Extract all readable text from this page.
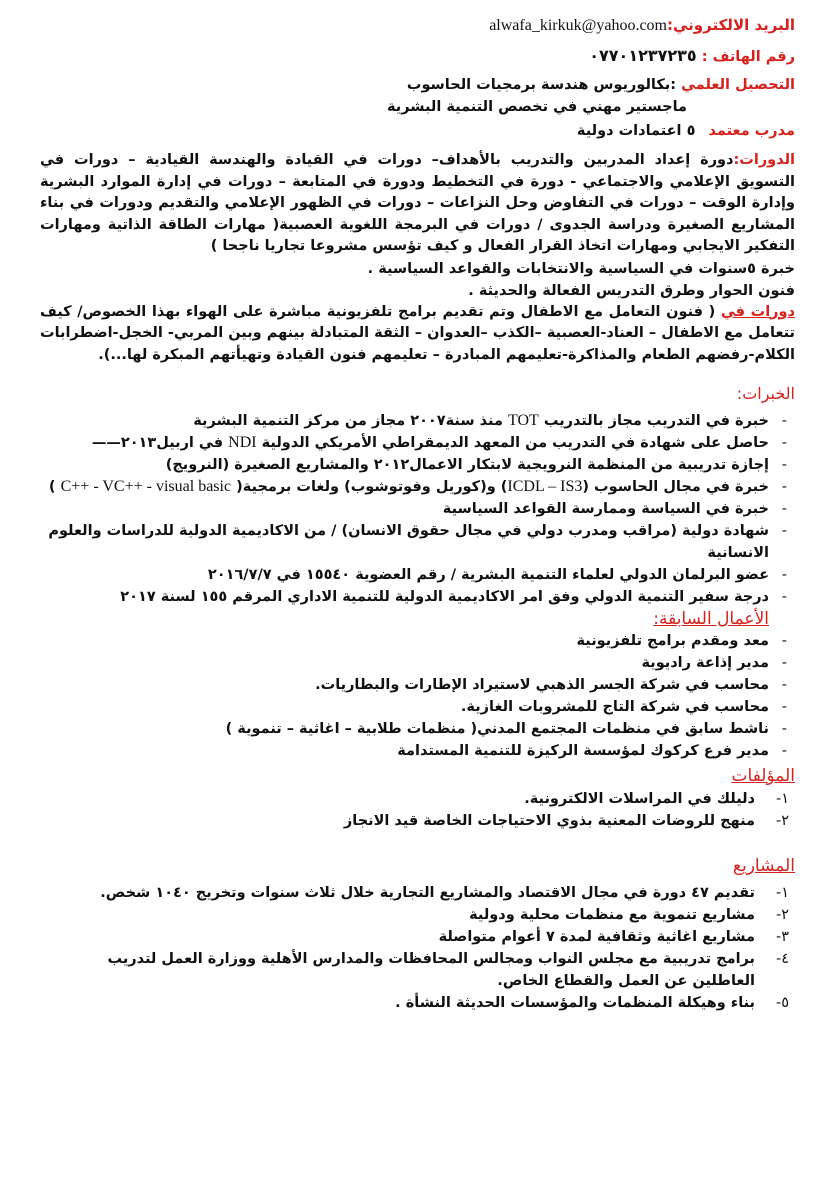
البريد الالكتروني:alwafa_kirkuk@yahoo.com
رقم الهاتف : ٠٧٧٠١٢٣٧٢٣٥
التحصيل العلمي :بكالوريوس هندسة برمجيات الحاسوب
ماجستير مهني في تخصص التنمية البشرية
مدرب معتمد ٥ اعتمادات دولية
الدورات:دورة إعداد المدربين والتدريب بالأهداف– دورات في القيادة والهندسة القيادية – دورات في التسويق الإعلامي والاجتماعي - دورة في التخطيط ودورة في المتابعة – دورات في إدارة الموارد البشرية وإدارة الوقت – دورات في التفاوض وحل النزاعات – دورات في الظهور الإعلامي والتقديم ودورات في بناء المشاريع الصغيرة ودراسة الجدوى / دورات في البرمجة اللغوية العصبية( مهارات الطاقة الذاتية ومهارات التفكير الايجابي ومهارات اتخاذ القرار الفعال و كيف تؤسس مشروعا تجاريا ناجحا )
خبرة ٥سنوات في السياسية والانتخابات والقواعد السياسية .
فنون الحوار وطرق التدريس الفعالة والحديثة .
دورات في ( فنون التعامل مع الاطفال وتم تقديم برامج تلفزيونية مباشرة على الهواء بهذا الخصوص/ كيف تتعامل مع الاطفال – العناد-العصبية –الكذب –العدوان – الثقة المتبادلة بينهم وبين المربي- الخجل-اضطرابات الكلام-رفضهم الطعام والمذاكرة-تعليمهم المبادرة – تعليمهم فنون القيادة وتهيأتهم المبكرة لها...).
الخبرات:
- خبرة في التدريب مجاز بالتدريب TOT منذ سنة٢٠٠٧ مجاز من مركز التنمية البشرية
- حاصل على شهادة في التدريب من المعهد الديمقراطي الأمريكي الدولية NDI في اربيل٢٠١٣——
- إجازة تدريبية من المنظمة النرويجية لابتكار الاعمال٢٠١٢ والمشاريع الصغيرة (النرويج)
- خبرة في مجال الحاسوب (ICDL – IS3) و(كوريل وفوتوشوب) ولغات برمجية( C++ - VC++ - visual basic )
- خبرة في السياسة وممارسة القواعد السياسية
- شهادة دولية (مراقب ومدرب دولي في مجال حقوق الانسان) / من الاكاديمية الدولية للدراسات والعلوم الانسانية
- عضو البرلمان الدولي لعلماء التنمية البشرية / رقم العضوية ١٥٥٤٠ في ٢٠١٦/٧/٧
- درجة سفير التنمية الدولي وفق امر الاكاديمية الدولية للتنمية الاداري المرقم ١٥٥ لسنة ٢٠١٧
الأعمال السابقة:
- معد ومقدم برامج تلفزيونية
- مدير إذاعة راديوية
- محاسب في شركة الجسر الذهبي لاستيراد الإطارات والبطاريات.
- محاسب في شركة التاج للمشروبات الغازية.
- ناشط سابق في منظمات المجتمع المدني( منظمات طلابية – اغاثية – تنموية )
- مدير فرع كركوك لمؤسسة الركيزة للتنمية المستدامة
المؤلفات
١-
دليلك في المراسلات الالكترونية.
٢-
منهج للروضات المعنية بذوي الاحتياجات الخاصة قيد الانجاز
المشاريع
١-
تقديم ٤٧ دورة في مجال الاقتصاد والمشاريع التجارية خلال ثلاث سنوات وتخريج ١٠٤٠ شخص.
٢-
مشاريع تنموية مع منظمات محلية ودولية
٣-
مشاريع اغاثية وثقافية لمدة ٧ أعوام متواصلة
٤-
برامج تدريبية مع مجلس النواب ومجالس المحافظات والمدارس الأهلية ووزارة العمل لتدريب العاطلين عن العمل والقطاع الخاص.
٥-
بناء وهيكلة المنظمات والمؤسسات الحديثة النشأة .
